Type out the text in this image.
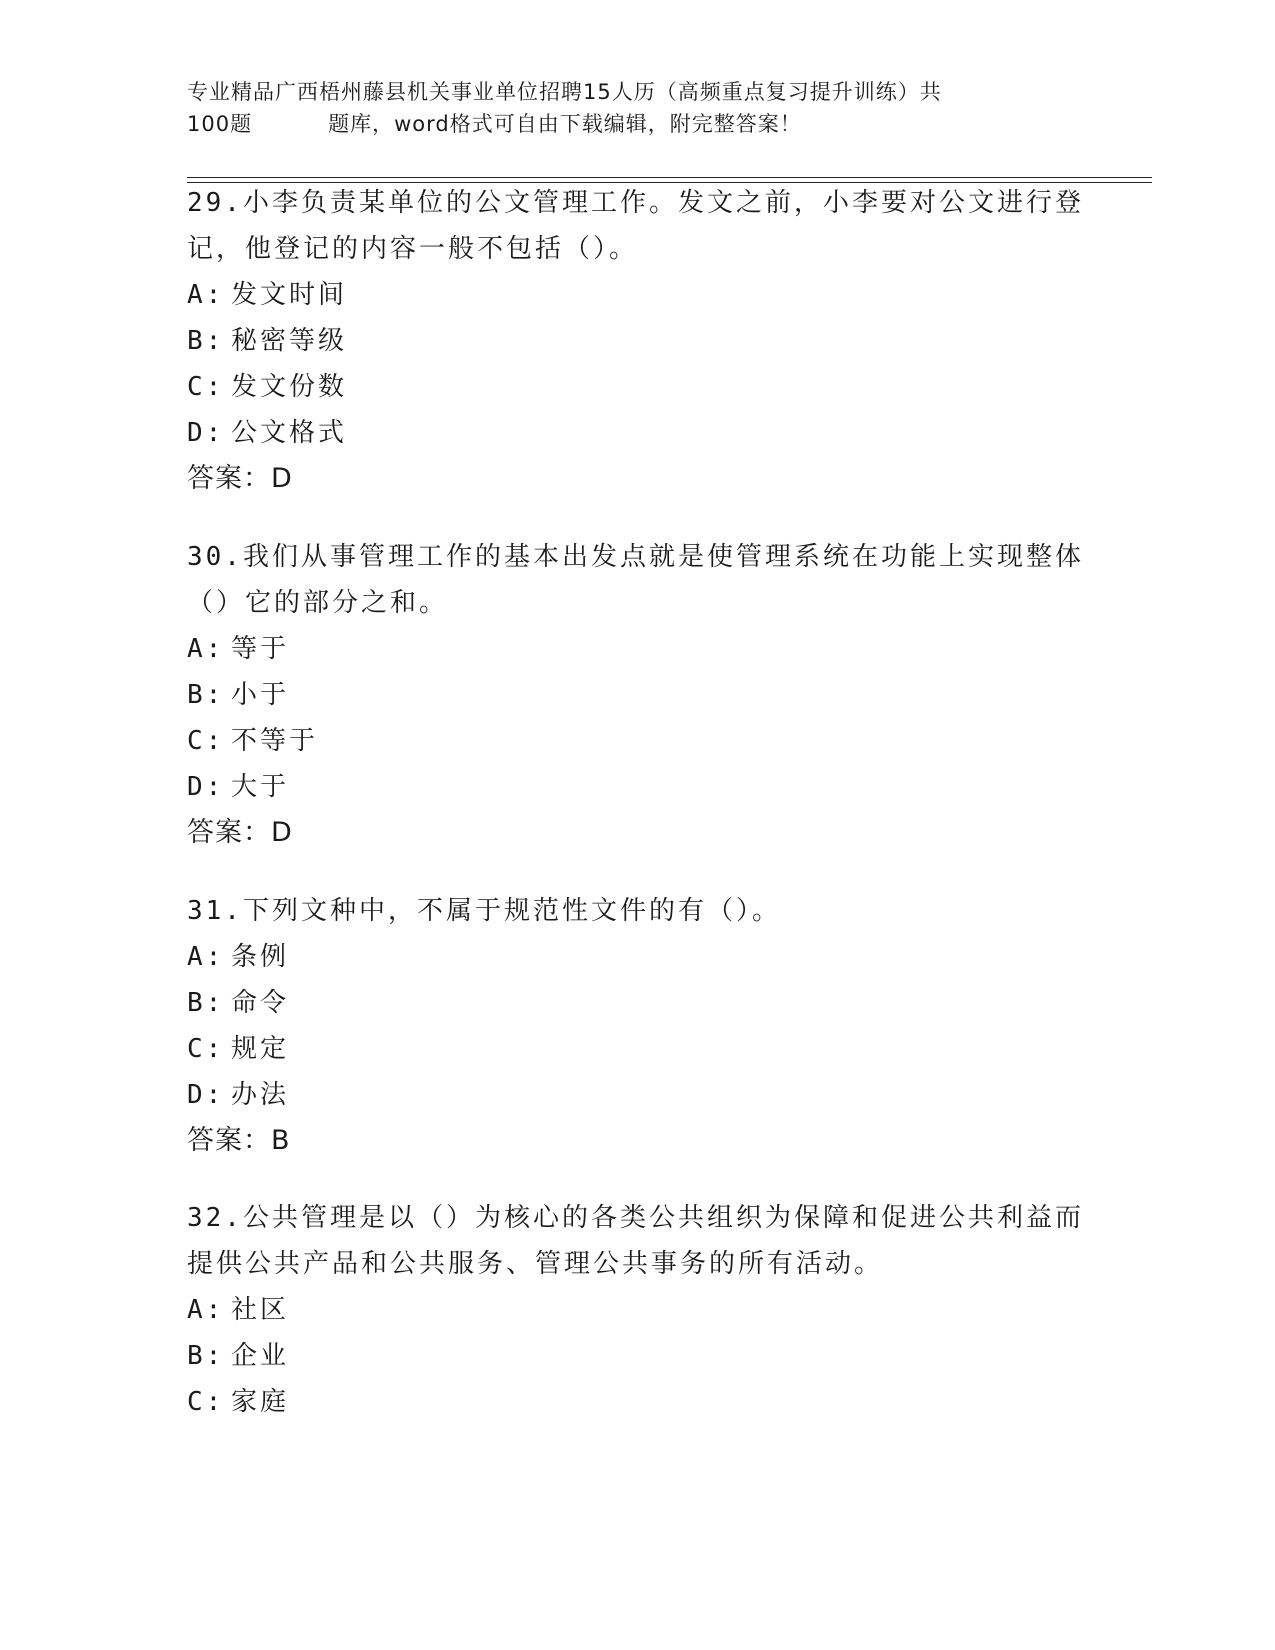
专业精品广西梧州藤县机关事业单位招聘15人历（高频重点复习提升训练）共
100题	题库，word格式可自由下载编辑，附完整答案！

29.小李负责某单位的公文管理工作。发文之前，小李要对公文进行登

记，他登记的内容一般不包括（）。

A: 发文时间

B: 秘密等级

C: 发文份数

D: 公文格式

答案：D

30.我们从事管理工作的基本出发点就是使管理系统在功能上实现整体

（）它的部分之和。

A: 等于

B: 小于

C: 不等于

D: 大于

答案：D

31.下列文种中，不属于规范性文件的有（）。

A: 条例

B: 命令

C: 规定

D: 办法

答案：B

32.公共管理是以（）为核心的各类公共组织为保障和促进公共利益而

提供公共产品和公共服务、管理公共事务的所有活动。

A: 社区

B: 企业

C: 家庭
